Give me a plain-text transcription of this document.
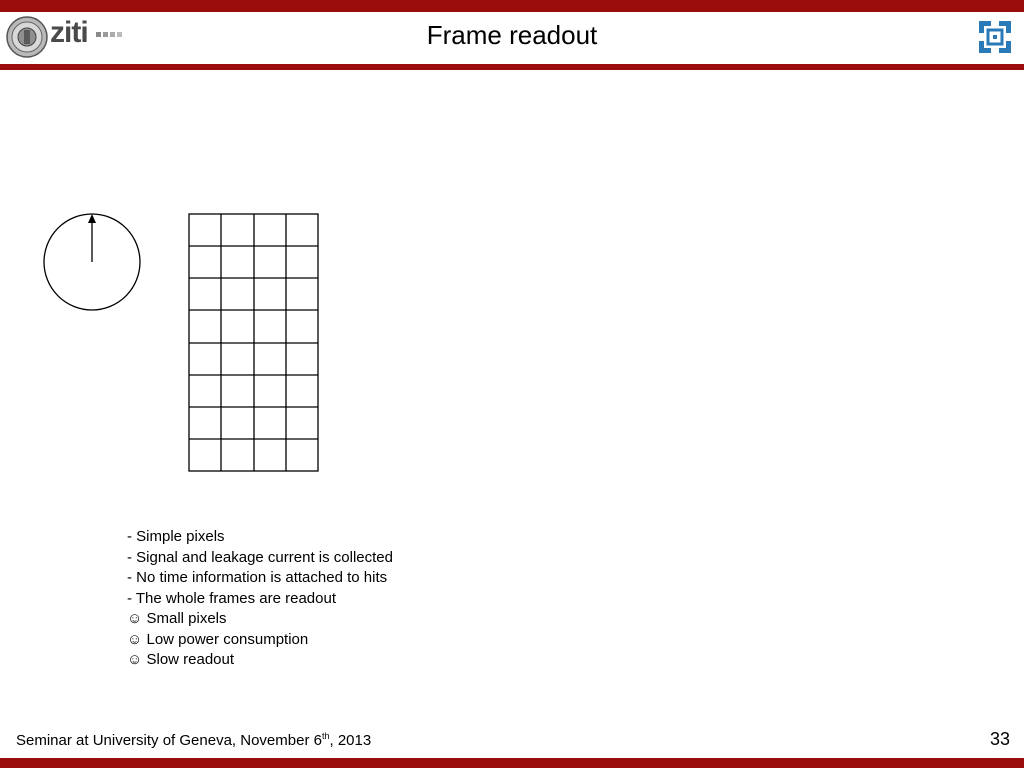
ziti	Frame readout
- Simple pixels
- Signal and leakage current is collected
- No time information is attached to hits
- The whole frames are readout
☺ Small pixels
☺ Low power consumption
☺ Slow readout
Seminar at University of Geneva, November 6th, 2013	33
